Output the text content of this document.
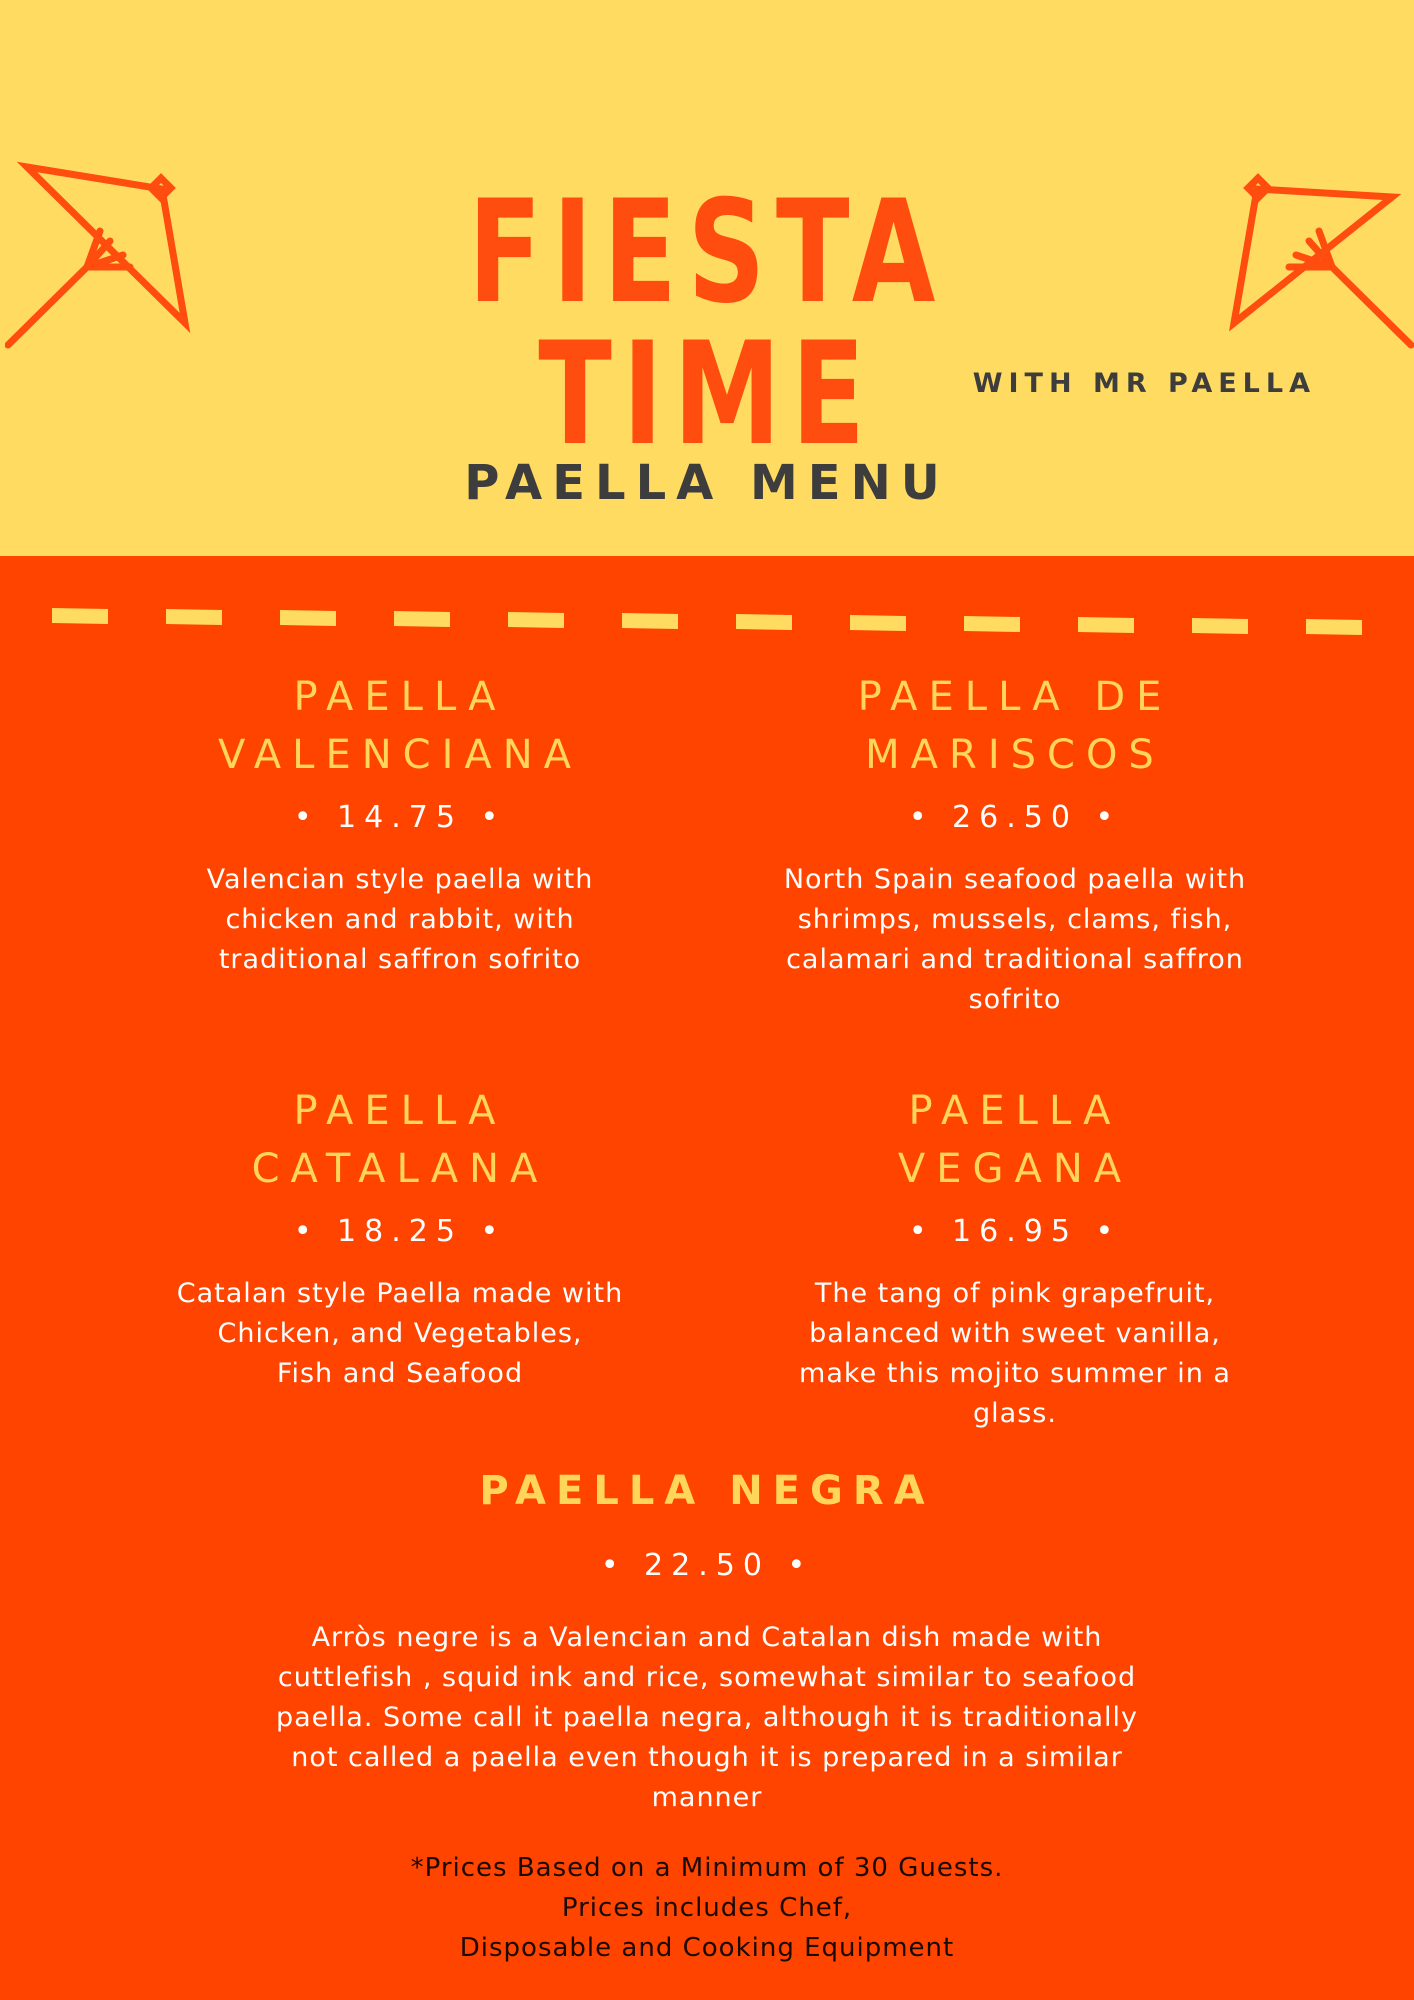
FIESTA TIME	WITH MR PAELLA
PAELLA MENU
PAELLA
VALENCIANA
• 14.75 •
Valencian style paella with
chicken and rabbit, with
traditional saffron sofrito
PAELLA DE
MARISCOS
• 26.50 •
North Spain seafood paella with
shrimps, mussels, clams, fish,
calamari and traditional saffron
sofrito
PAELLA
CATALANA
• 18.25 •
Catalan style Paella made with
Chicken, and Vegetables,
Fish and Seafood
PAELLA
VEGANA
• 16.95 •
The tang of pink grapefruit,
balanced with sweet vanilla,
make this mojito summer in a
glass.
PAELLA NEGRA
• 22.50 •
Arròs negre is a Valencian and Catalan dish made with
cuttlefish , squid ink and rice, somewhat similar to seafood
paella. Some call it paella negra, although it is traditionally
not called a paella even though it is prepared in a similar
manner
*Prices Based on a Minimum of 30 Guests.
Prices includes Chef,
Disposable and Cooking Equipment
